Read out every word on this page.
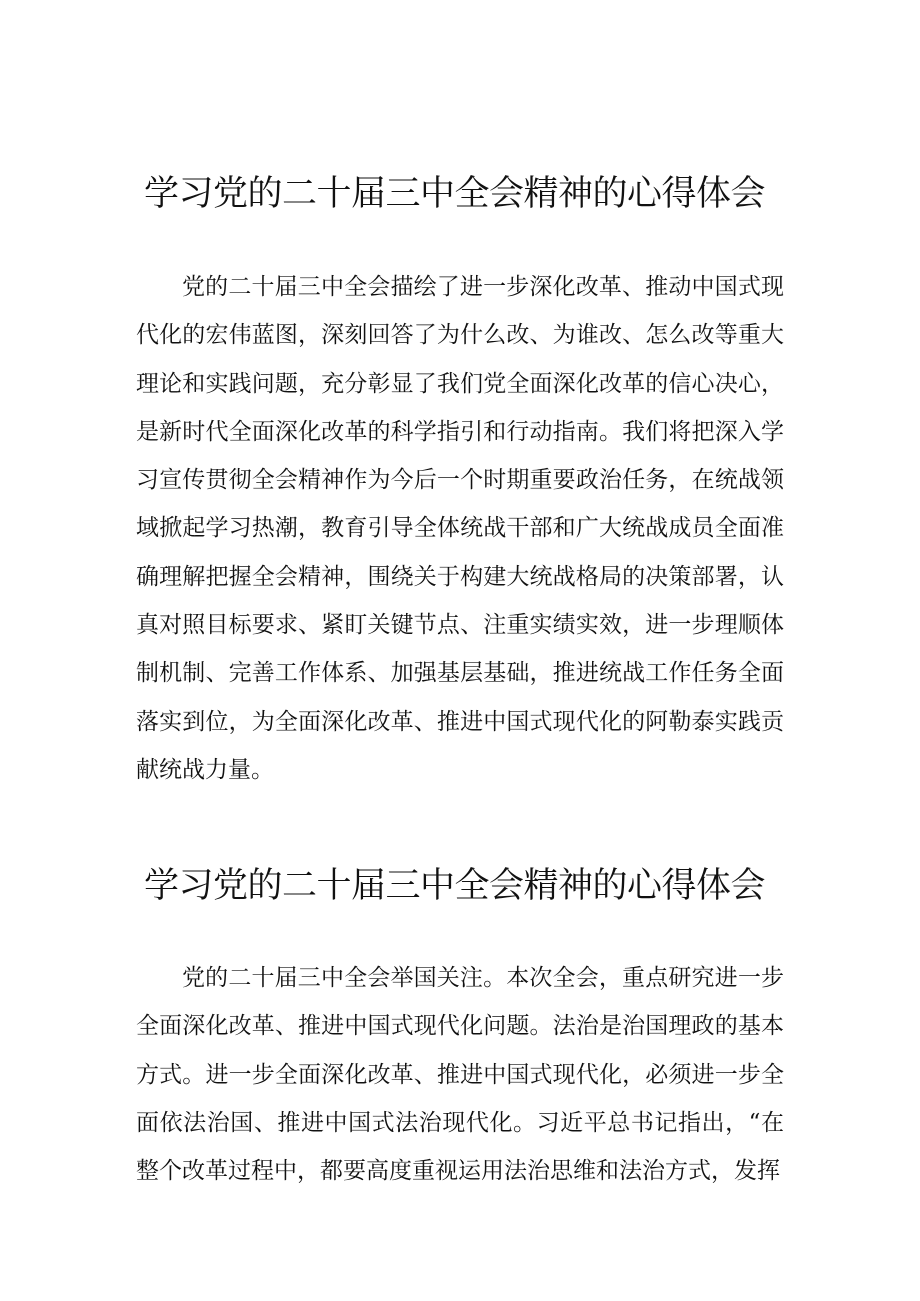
学习党的二十届三中全会精神的心得体会

党的二十届三中全会描绘了进一步深化改革、推动中国式现代化的宏伟蓝图，深刻回答了为什么改、为谁改、怎么改等重大理论和实践问题，充分彰显了我们党全面深化改革的信心决心，是新时代全面深化改革的科学指引和行动指南。我们将把深入学习宣传贯彻全会精神作为今后一个时期重要政治任务，在统战领域掀起学习热潮，教育引导全体统战干部和广大统战成员全面准确理解把握全会精神，围绕关于构建大统战格局的决策部署，认真对照目标要求、紧盯关键节点、注重实绩实效，进一步理顺体制机制、完善工作体系、加强基层基础，推进统战工作任务全面落实到位，为全面深化改革、推进中国式现代化的阿勒泰实践贡献统战力量。

学习党的二十届三中全会精神的心得体会

党的二十届三中全会举国关注。本次全会，重点研究进一步全面深化改革、推进中国式现代化问题。法治是治国理政的基本方式。进一步全面深化改革、推进中国式现代化，必须进一步全面依法治国、推进中国式法治现代化。习近平总书记指出，“在整个改革过程中，都要高度重视运用法治思维和法治方式，发挥
